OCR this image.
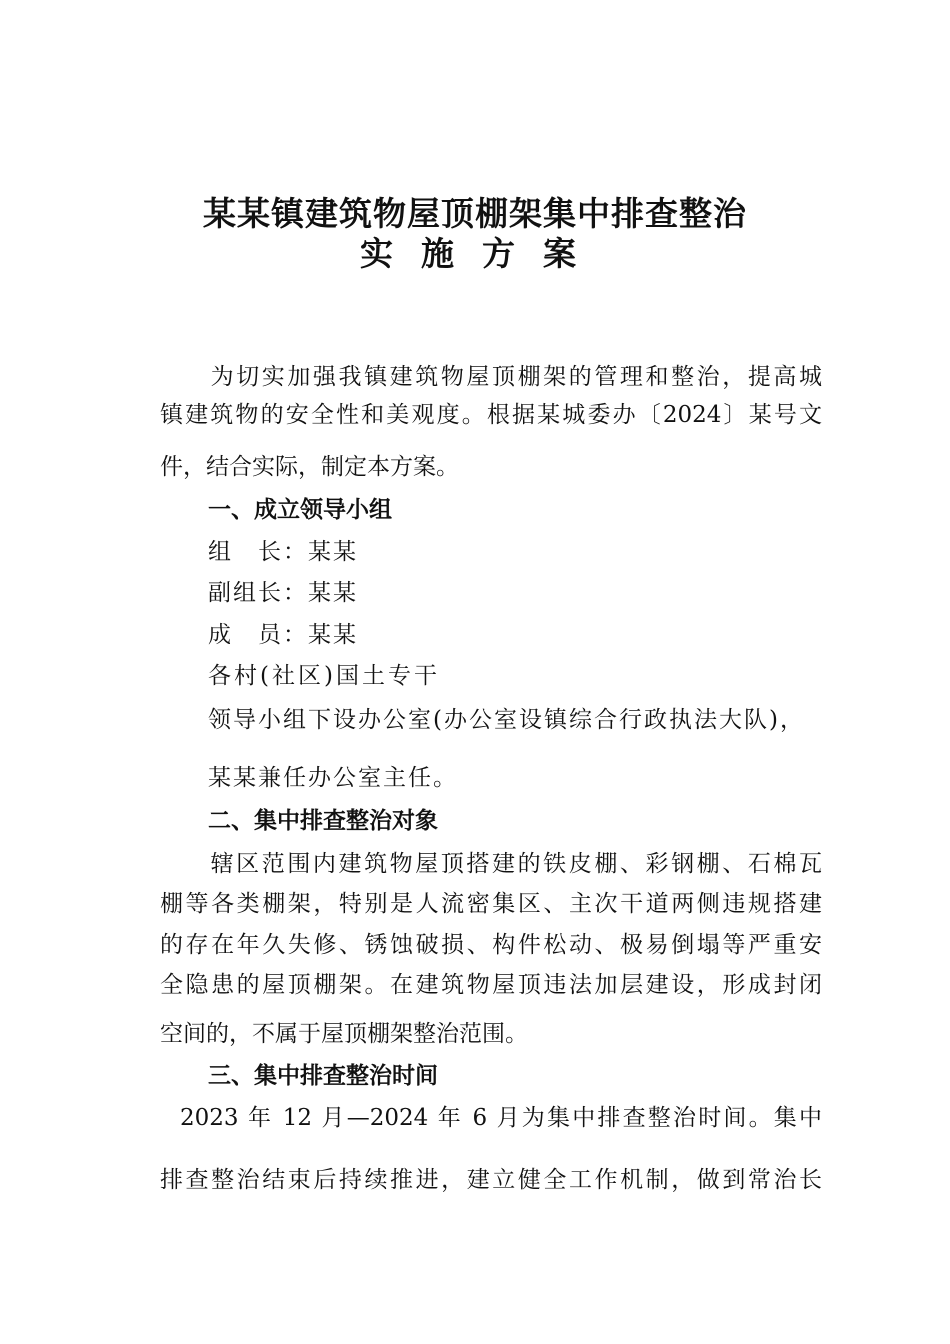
某某镇建筑物屋顶棚架集中排查整治
实施方案
为切实加强我镇建筑物屋顶棚架的管理和整治，提高城
镇建筑物的安全性和美观度。根据某城委办〔2024〕某号文
件，结合实际，制定本方案。
一、成立领导小组
组　长：某某
副组长：某某
成　员：某某
各村(社区)国土专干
领导小组下设办公室(办公室设镇综合行政执法大队)，
某某兼任办公室主任。
二、集中排查整治对象
辖区范围内建筑物屋顶搭建的铁皮棚、彩钢棚、石棉瓦
棚等各类棚架，特别是人流密集区、主次干道两侧违规搭建
的存在年久失修、锈蚀破损、构件松动、极易倒塌等严重安
全隐患的屋顶棚架。在建筑物屋顶违法加层建设，形成封闭
空间的，不属于屋顶棚架整治范围。
三、集中排查整治时间
2023 年 12 月—2024 年 6 月为集中排查整治时间。集中
排查整治结束后持续推进，建立健全工作机制，做到常治长
